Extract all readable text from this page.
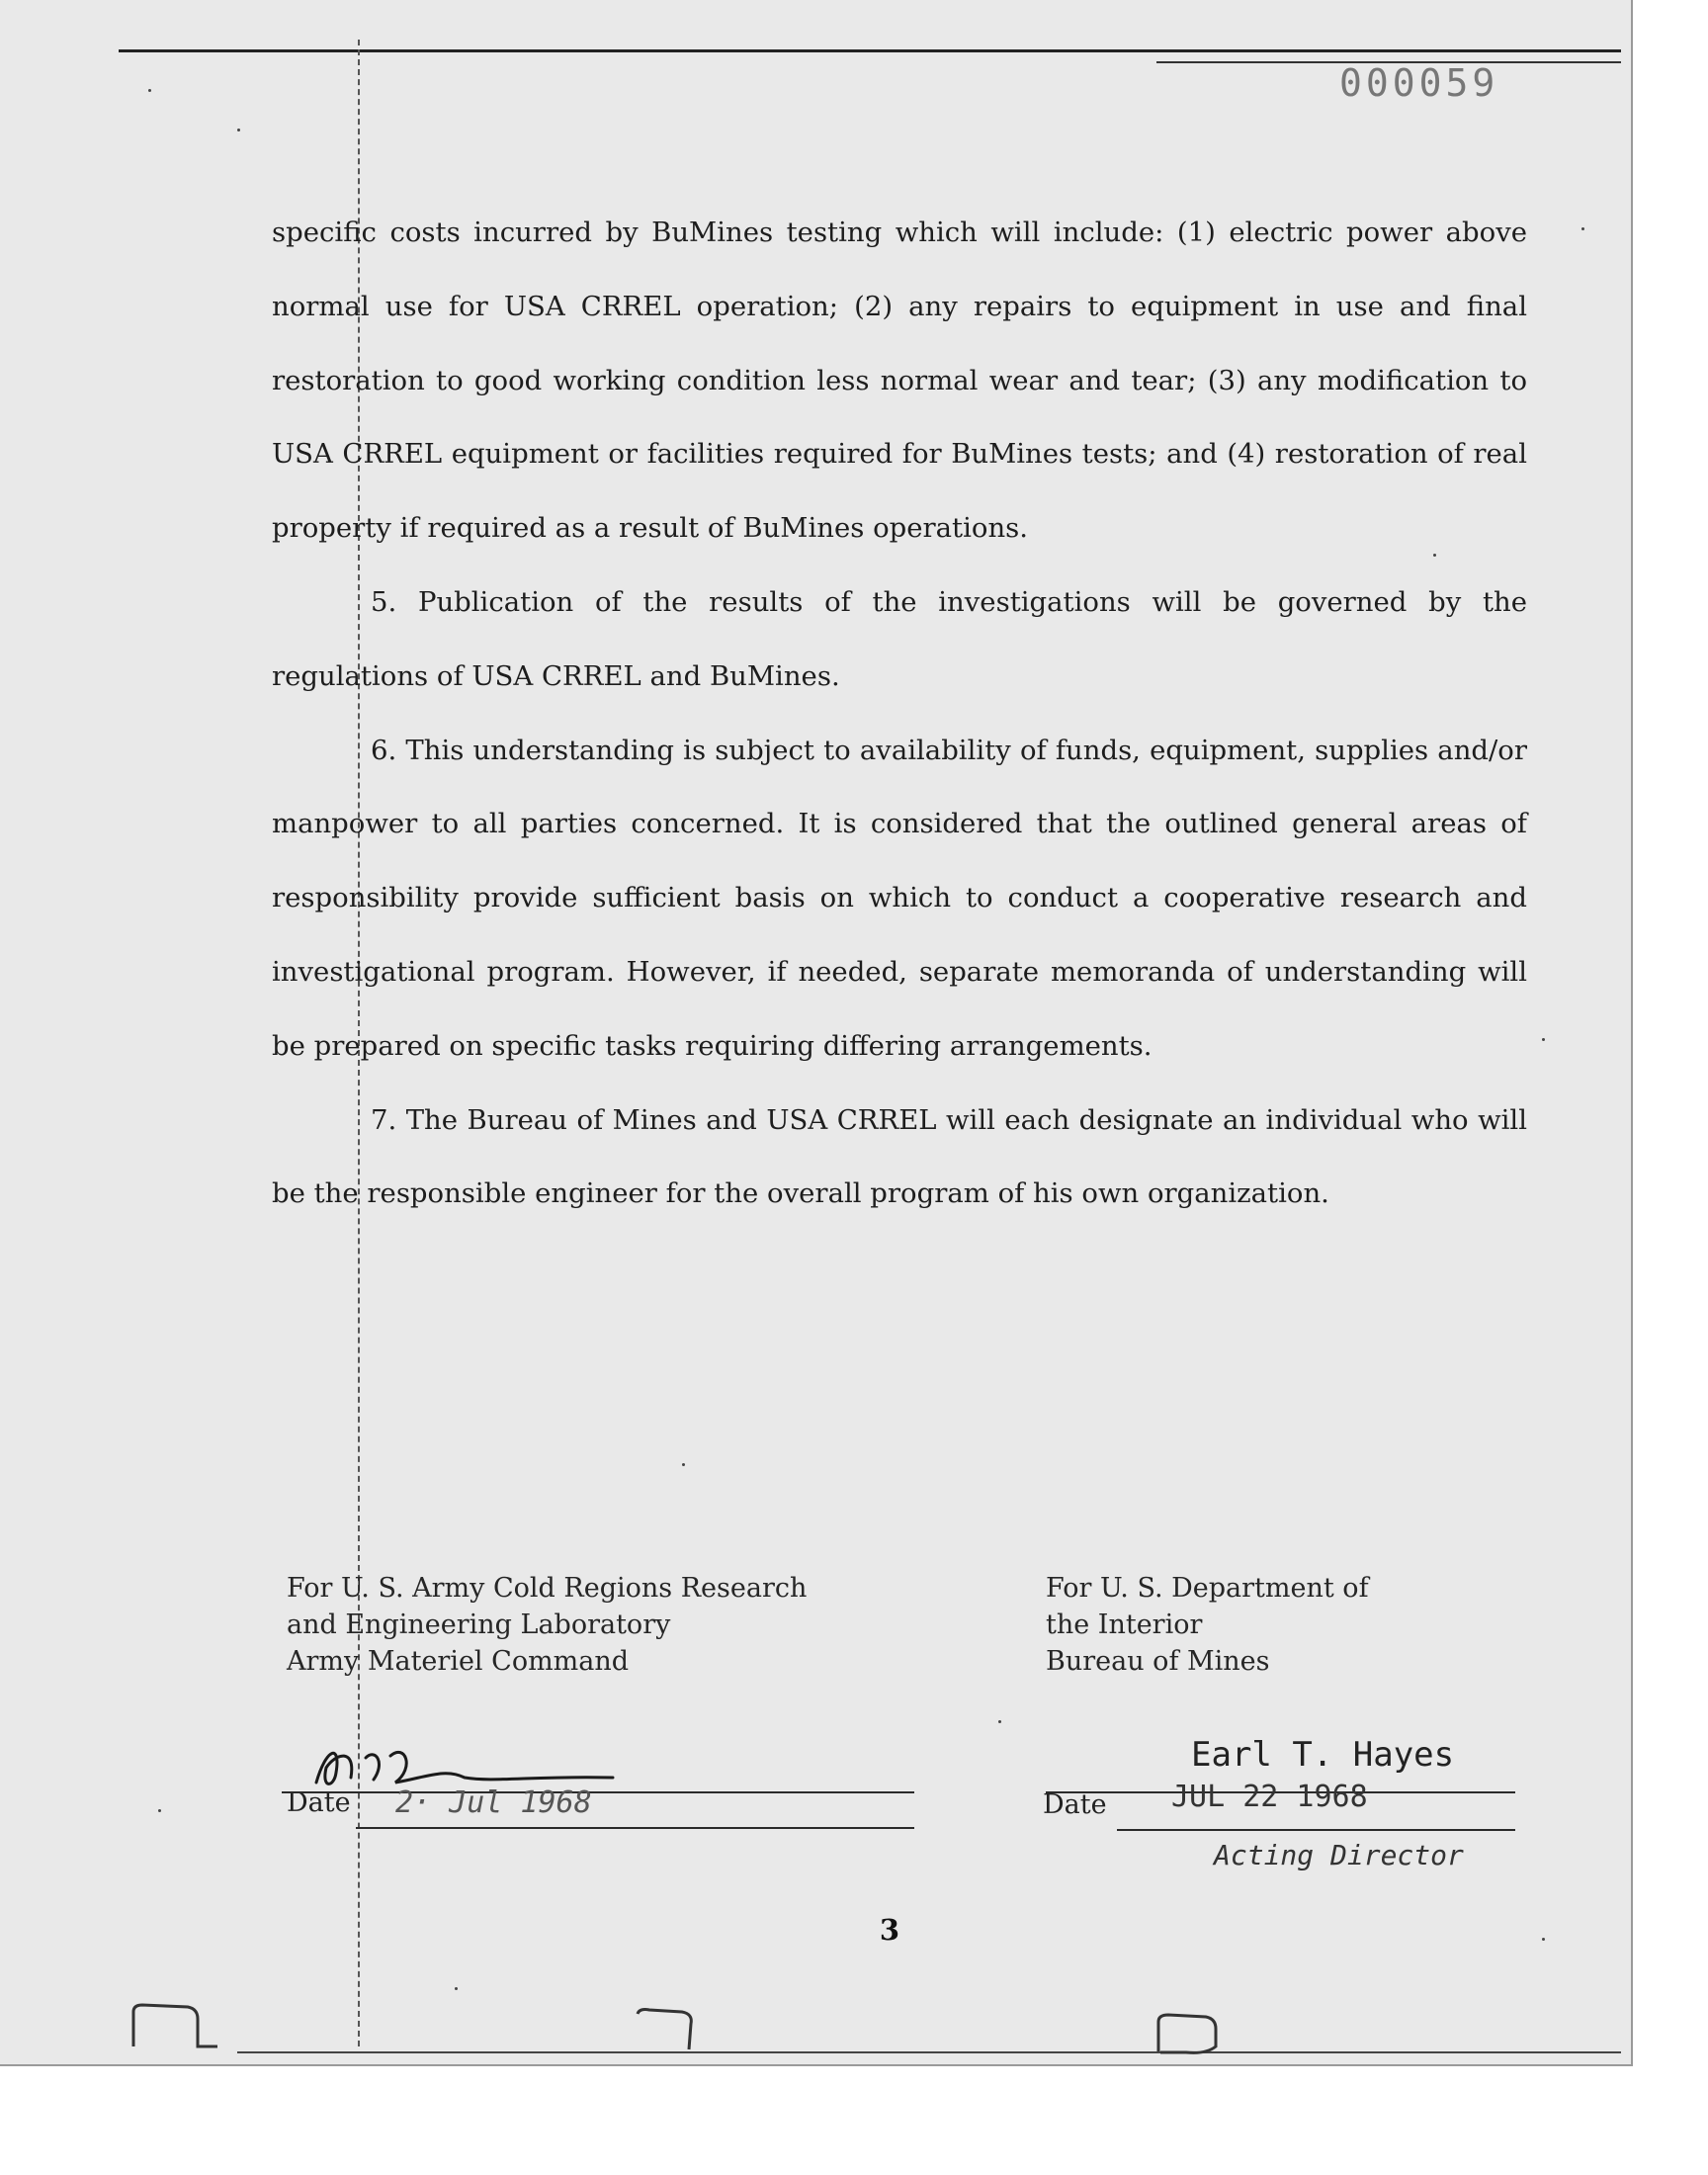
000059

specific costs incurred by BuMines testing which will include: (1) electric power above normal use for USA CRREL operation; (2) any repairs to equipment in use and final restoration to good working condition less normal wear and tear; (3) any modification to USA CRREL equipment or facilities required for BuMines tests; and (4) restoration of real property if required as a result of BuMines operations.

5. Publication of the results of the investigations will be governed by the regulations of USA CRREL and BuMines.

6. This understanding is subject to availability of funds, equipment, supplies and/or manpower to all parties concerned. It is considered that the outlined general areas of responsibility provide sufficient basis on which to conduct a cooperative research and investigational program. However, if needed, separate memoranda of understanding will be prepared on specific tasks requiring differing arrangements.

7. The Bureau of Mines and USA CRREL will each designate an individual who will be the responsible engineer for the overall program of his own organization.

For U. S. Army Cold Regions Research
and Engineering Laboratory
Army Materiel Command
For U. S. Department of
the Interior
Bureau of Mines
Date 2· Jul 1968
Earl T. Hayes
Date JUL 22 1968
Acting Director
3
